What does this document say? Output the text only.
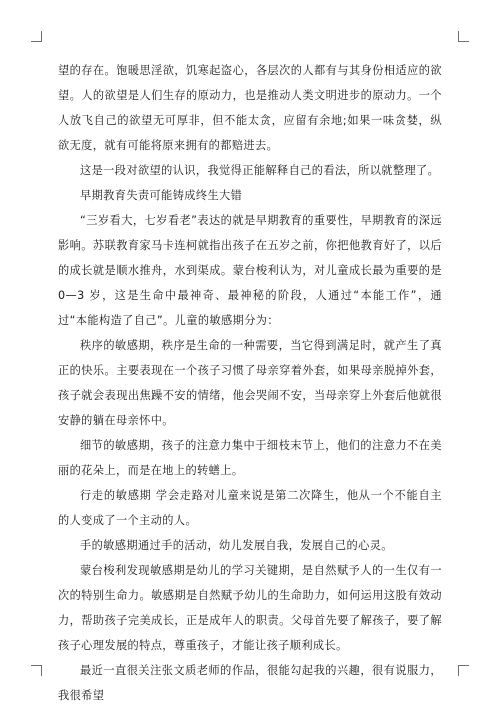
望的存在。饱暖思淫欲，饥寒起盗心，各层次的人都有与其身份相适应的欲望。人的欲望是人们生存的原动力，也是推动人类文明进步的原动力。一个人放飞自己的欲望无可厚非，但不能太贪，应留有余地;如果一味贪婪，纵欲无度，就有可能将原来拥有的都赔进去。

这是一段对欲望的认识，我觉得正能解释自己的看法，所以就整理了。

早期教育失责可能铸成终生大错

“三岁看大，七岁看老”表达的就是早期教育的重要性，早期教育的深远影响。苏联教育家马卡连柯就指出孩子在五岁之前，你把他教育好了，以后的成长就是顺水推舟，水到渠成。蒙台梭利认为，对儿童成长最为重要的是 0—3 岁，这是生命中最神奇、最神秘的阶段，人通过“本能工作”，通过“本能构造了自己”。儿童的敏感期分为：

秩序的敏感期，秩序是生命的一种需要，当它得到满足时，就产生了真正的快乐。主要表现在一个孩子习惯了母亲穿着外套，如果母亲脱掉外套，孩子就会表现出焦躁不安的情绪，他会哭闹不安，当母亲穿上外套后他就很安静的躺在母亲怀中。

细节的敏感期，孩子的注意力集中于细枝末节上，他们的注意力不在美丽的花朵上，而是在地上的转蟮上。

行走的敏感期 学会走路对儿童来说是第二次降生，他从一个不能自主的人变成了一个主动的人。

手的敏感期通过手的活动，幼儿发展自我，发展自己的心灵。

蒙台梭利发现敏感期是幼儿的学习关键期，是自然赋予人的一生仅有一次的特别生命力。敏感期是自然赋予幼儿的生命助力，如何运用这股有效动力，帮助孩子完美成长，正是成年人的职责。父母首先要了解孩子，要了解孩子心理发展的特点，尊重孩子，才能让孩子顺利成长。

最近一直很关注张文质老师的作品，很能勾起我的兴趣，很有说服力，我很希望
